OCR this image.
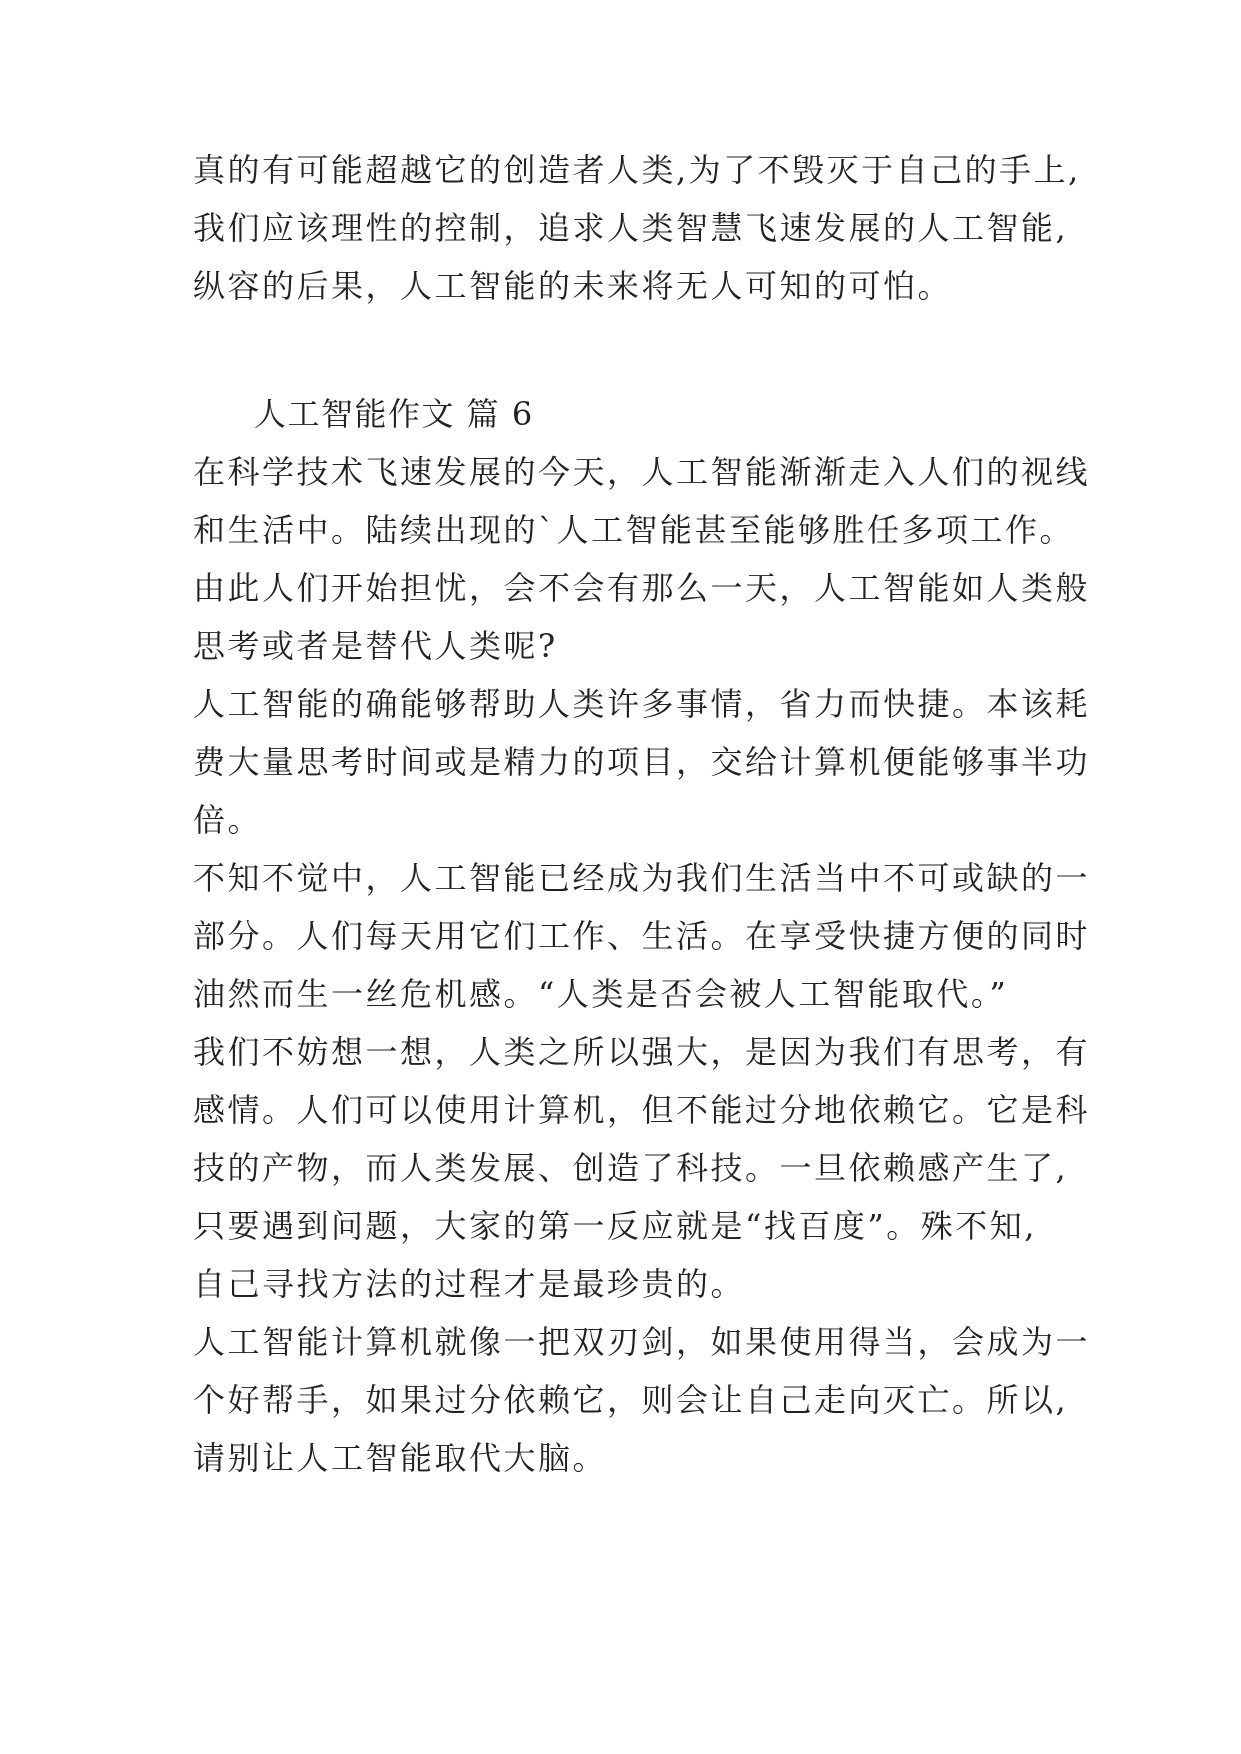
真的有可能超越它的创造者人类,为了不毁灭于自己的手上,
我们应该理性的控制，追求人类智慧飞速发展的人工智能,
纵容的后果，人工智能的未来将无人可知的可怕。
人工智能作文 篇 6
在科学技术飞速发展的今天，人工智能渐渐走入人们的视线
和生活中。陆续出现的`人工智能甚至能够胜任多项工作。
由此人们开始担忧，会不会有那么一天，人工智能如人类般
思考或者是替代人类呢?
人工智能的确能够帮助人类许多事情，省力而快捷。本该耗
费大量思考时间或是精力的项目，交给计算机便能够事半功
倍。
不知不觉中，人工智能已经成为我们生活当中不可或缺的一
部分。人们每天用它们工作、生活。在享受快捷方便的同时
油然而生一丝危机感。“人类是否会被人工智能取代。”
我们不妨想一想，人类之所以强大，是因为我们有思考，有
感情。人们可以使用计算机，但不能过分地依赖它。它是科
技的产物，而人类发展、创造了科技。一旦依赖感产生了,
只要遇到问题，大家的第一反应就是“找百度”。殊不知,
自己寻找方法的过程才是最珍贵的。
人工智能计算机就像一把双刃剑，如果使用得当，会成为一
个好帮手，如果过分依赖它，则会让自己走向灭亡。所以,
请别让人工智能取代大脑。
